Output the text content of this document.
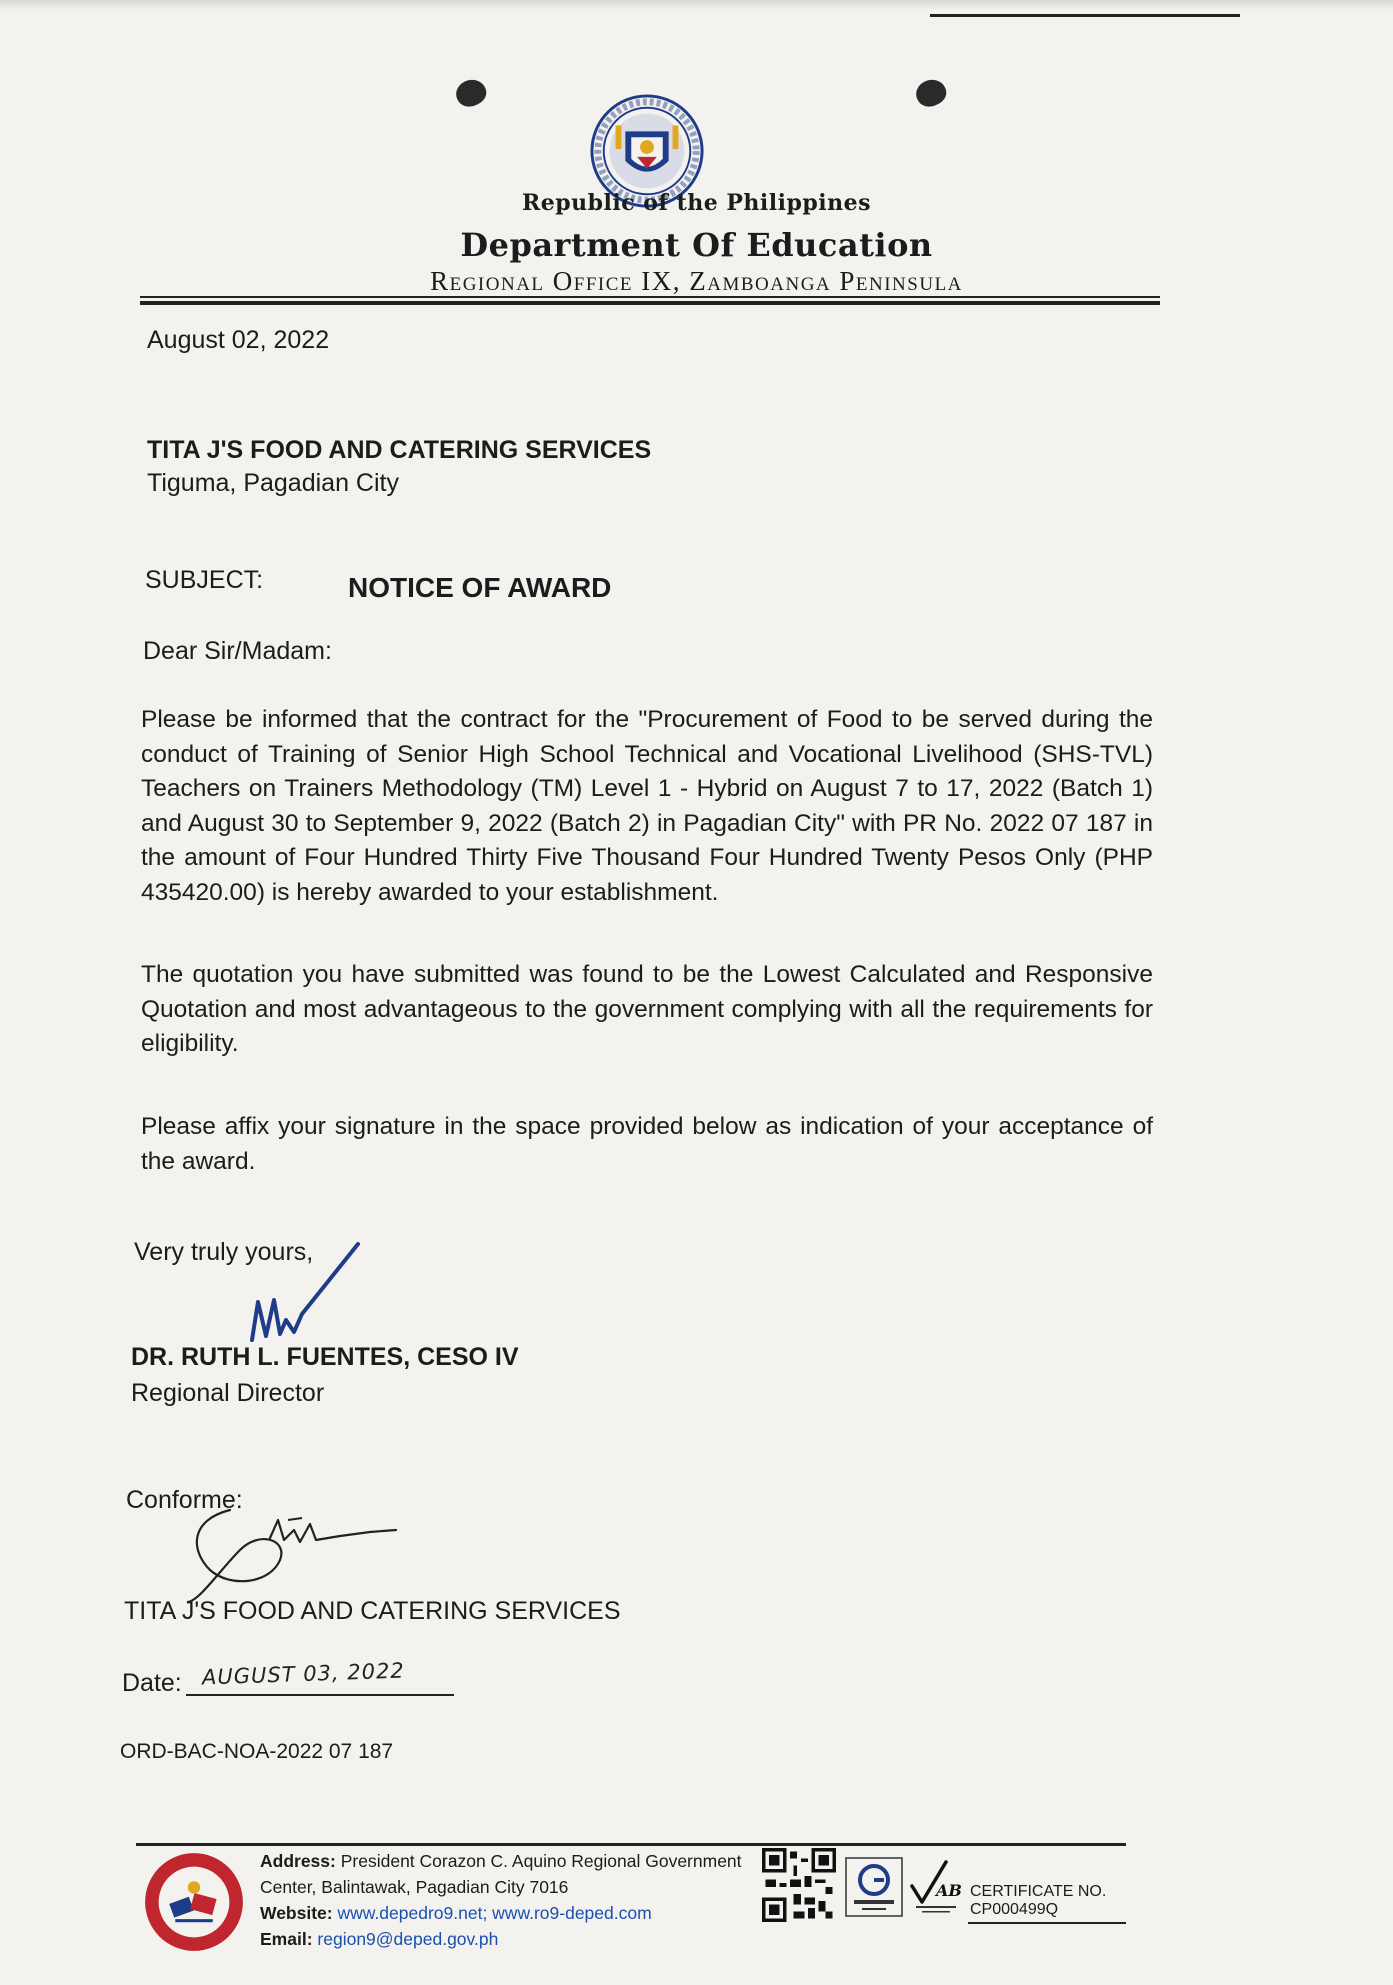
Republic of the Philippines
Department Of Education
Regional Office IX, Zamboanga Peninsula
August 02, 2022
TITA J'S FOOD AND CATERING SERVICES
Tiguma, Pagadian City
SUBJECT:	NOTICE OF AWARD
Dear Sir/Madam:
Please be informed that the contract for the "Procurement of Food to be served during the conduct of Training of Senior High School Technical and Vocational Livelihood (SHS-TVL) Teachers on Trainers Methodology (TM) Level 1 - Hybrid on August 7 to 17, 2022 (Batch 1) and August 30 to September 9, 2022 (Batch 2) in Pagadian City" with PR No. 2022 07 187 in the amount of Four Hundred Thirty Five Thousand Four Hundred Twenty Pesos Only (PHP 435420.00) is hereby awarded to your establishment.
The quotation you have submitted was found to be the Lowest Calculated and Responsive Quotation and most advantageous to the government complying with all the requirements for eligibility.
Please affix your signature in the space provided below as indication of your acceptance of the award.
Very truly yours,
DR. RUTH L. FUENTES, CESO IV
Regional Director
Conforme:
TITA J'S FOOD AND CATERING SERVICES
Date: AUGUST 03, 2022
ORD-BAC-NOA-2022 07 187
Address: President Corazon C. Aquino Regional Government
Center, Balintawak, Pagadian City 7016
Website: www.depedro9.net; www.ro9-deped.com
Email: region9@deped.gov.ph
AB CERTIFICATE NO.
CP000499Q
